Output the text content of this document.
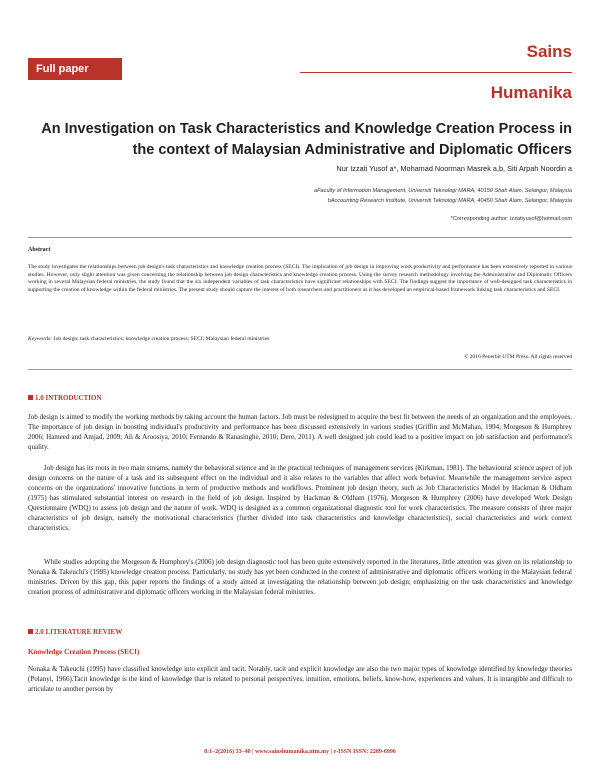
Full paper
Sains
Humanika
An Investigation on Task Characteristics and Knowledge Creation Process in the context of Malaysian Administrative and Diplomatic Officers
Nur Izzati Yusof a*, Mohamad Noorman Masrek a,b, Siti Arpah Noordin a
aFaculty of Information Management, Universiti Teknologi MARA, 40150 Shah Alam, Selangor, Malaysia
bAccounting Research Institute, Universiti Teknologi MARA, 40450 Shah Alam, Selangor, Malaysia
*Corresponding author: izzatiyusof@hotmail.com
Abstract
The study investigates the relationships between job design's task characteristics and knowledge creation process (SECI). The implication of job design in improving work productivity and performance has been extensively reported in various studies. However, only slight attention was given concerning the relationship between job design characteristics and knowledge creation process. Using the survey research methodology involving the Administrative and Diplomatic Officers working in several Malaysian federal ministries, the study found that the six independent variables of task characteristics have significant relationships with SECI. The findings suggest the importance of well-designed task characteristics in supporting the creation of knowledge within the federal ministries. The present study should capture the interest of both researchers and practitioners as it has developed an empirical-based framework linking task characteristics and SECI.
Keywords: Job design; task characteristics; knowledge creation process; SECI; Malaysian federal ministries
© 2016 Penerbit UTM Press. All rights reserved
1.0 INTRODUCTION
Job design is aimed to modify the working methods by taking account the human factors. Job must be redesigned to acquire the best fit between the needs of an organization and the employees. The importance of job design in boosting individual's productivity and performance has been discussed extensively in various studies (Griffin and McMahan, 1994; Morgeson & Humphrey 2006; Hameed and Amjad, 2009; Ali & Aroosiya, 2010; Fernando & Ranasinghe, 2010; Dere, 2011). A well designed job could lead to a positive impact on job satisfaction and performance's quality.
Job design has its roots in two main streams, namely the behavioral science and in the practical techniques of management services (Kirkman, 1981). The behavioural science aspect of job design concerns on the nature of a task and its subsequent effect on the individual and it also relates to the variables that affect work behavior. Meanwhile the management service aspect concerns on the organizations' innovative functions in term of productive methods and workflows. Prominent job design theory, such as Job Characteristics Model by Hackman & Oldham (1975) has stimulated substantial interest on research in the field of job design. Inspired by Hackman & Oldham (1976), Morgeson & Humphrey (2006) have developed Work Design Questionnaire (WDQ) to assess job design and the nature of work. WDQ is designed as a common organizational diagnostic tool for work characteristics. The measure consists of three major characteristics of job design, namely the motivational characteristics (further divided into task characteristics and knowledge characteristics), social characteristics and work context characteristics.
While studies adopting the Morgeson & Humphrey's (2006) job design diagnostic tool has been quite extensively reported in the literatures, little attention was given on its relationship to Nonaka & Takeuchi's (1995) knowledge creation process. Particularly, no study has yet been conducted in the context of administrative and diplomatic officers working in the Malaysian federal ministries. Driven by this gap, this paper reports the findings of a study aimed at investigating the relationship between job design; emphasizing on the task characteristics and knowledge creation process of administrative and diplomatic officers working in the Malaysian federal ministries.
2.0 LITERATURE REVIEW
Knowledge Creation Process (SECI)
Nonaka & Takeuchi (1995) have classified knowledge into explicit and tacit. Notably, tacit and explicit knowledge are also the two major types of knowledge identified by knowledge theories (Polanyi, 1966).Tacit knowledge is the kind of knowledge that is related to personal perspectives, intuition, emotions, beliefs, know-how, experiences and values. It is intangible and difficult to articulate to another person by
8:1–2(2016) 33–40 | www.sainshumanika.utm.my | e-ISSN ISSN: 2289-6996
